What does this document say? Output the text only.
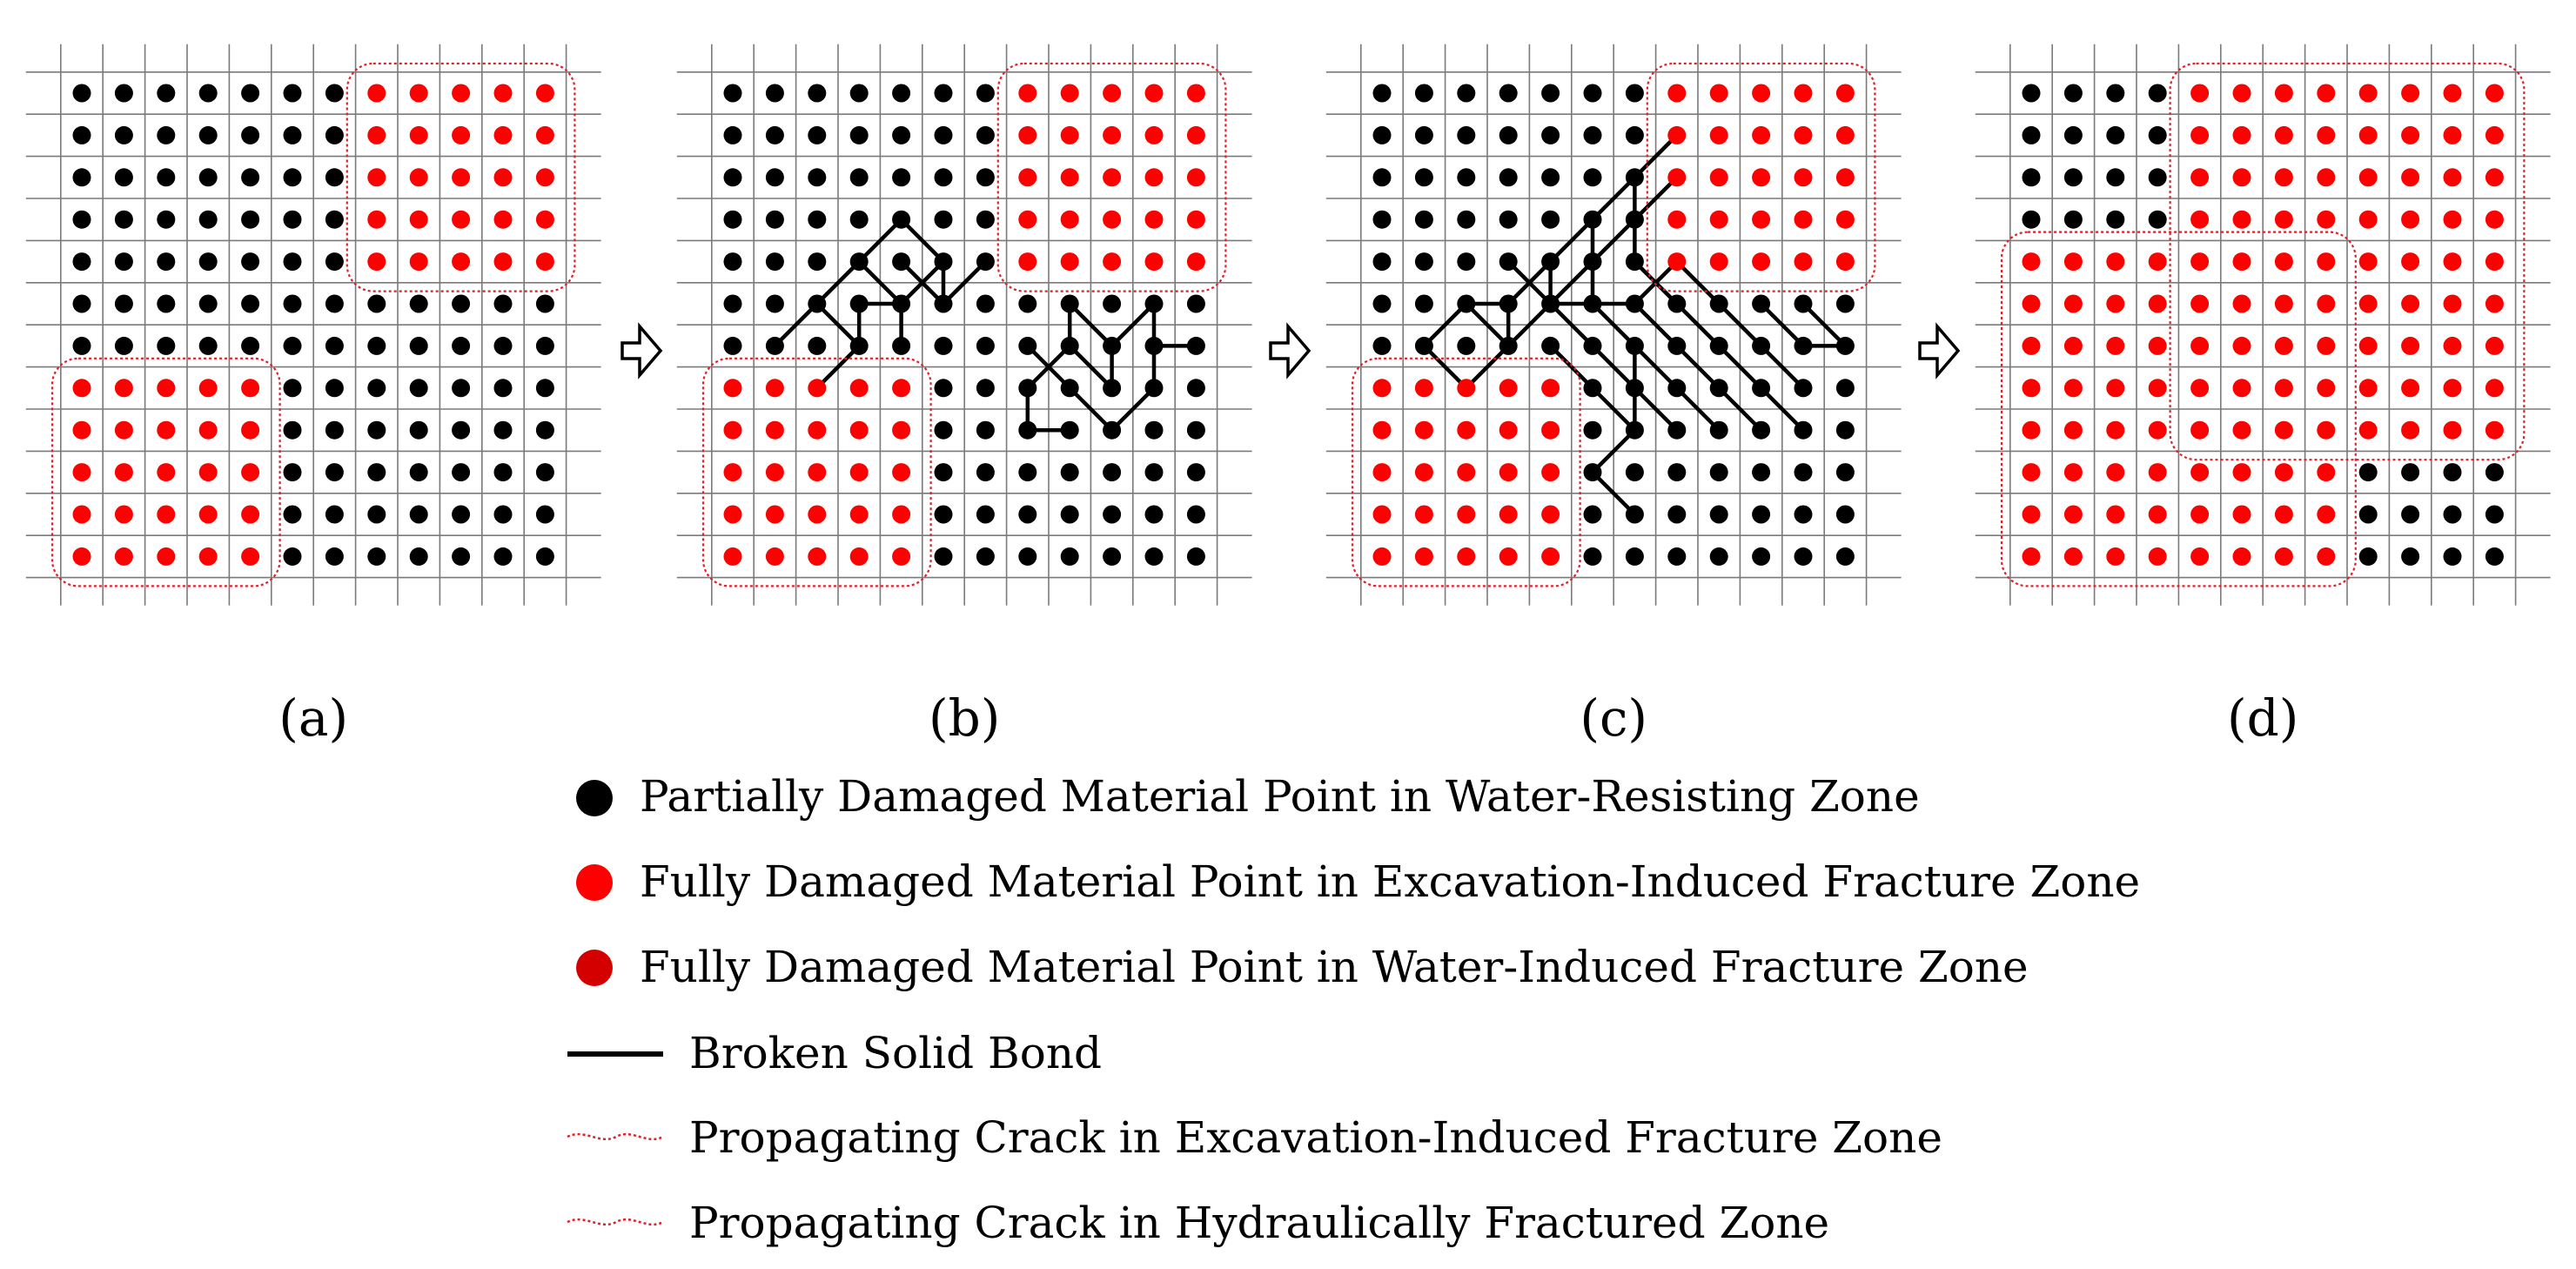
(a)	(b)	(c)	(d)
Partially Damaged Material Point in Water-Resisting Zone
Fully Damaged Material Point in Excavation-Induced Fracture Zone
Fully Damaged Material Point in Water-Induced Fracture Zone
Broken Solid Bond
Propagating Crack in Excavation-Induced Fracture Zone
Propagating Crack in Hydraulically Fractured Zone
